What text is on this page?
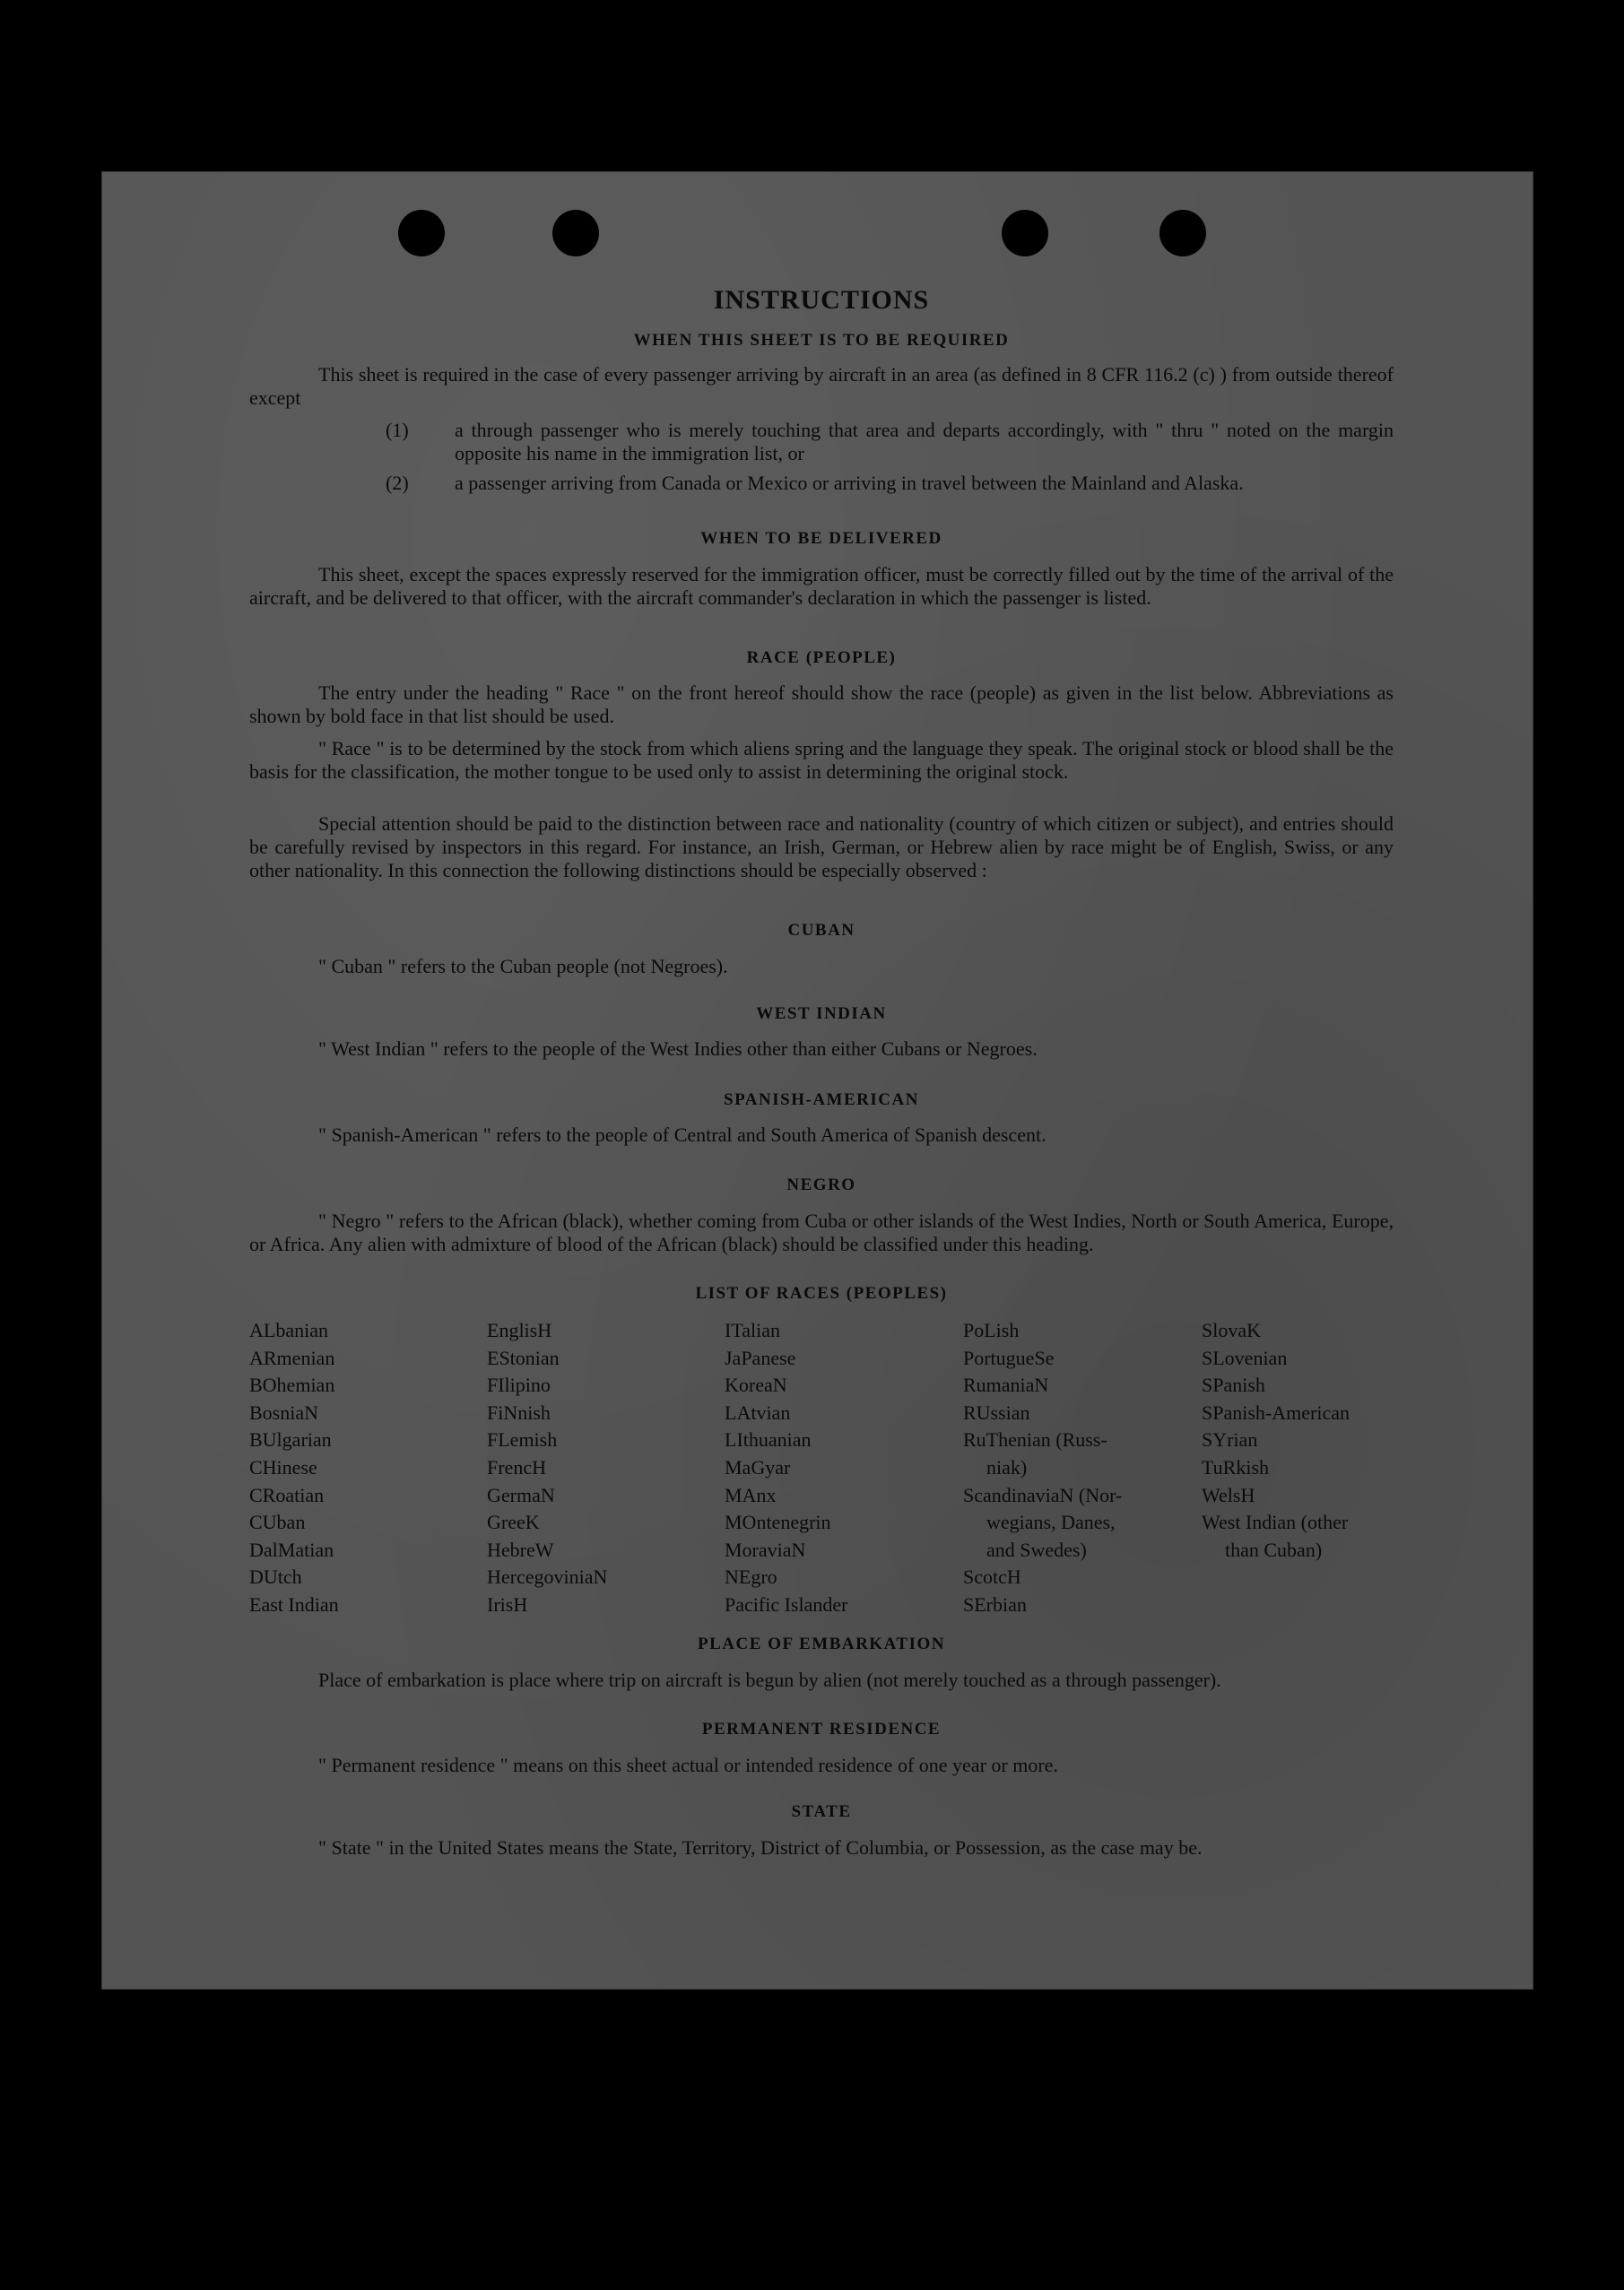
INSTRUCTIONS
WHEN THIS SHEET IS TO BE REQUIRED
This sheet is required in the case of every passenger arriving by aircraft in an area (as defined in 8 CFR 116.2 (c) ) from outside thereof except
(1) a through passenger who is merely touching that area and departs accordingly, with " thru " noted on the margin opposite his name in the immigration list, or
(2) a passenger arriving from Canada or Mexico or arriving in travel between the Mainland and Alaska.
WHEN TO BE DELIVERED
This sheet, except the spaces expressly reserved for the immigration officer, must be correctly filled out by the time of the arrival of the aircraft, and be delivered to that officer, with the aircraft commander's declaration in which the passenger is listed.
RACE (PEOPLE)
The entry under the heading " Race " on the front hereof should show the race (people) as given in the list below. Abbreviations as shown by bold face in that list should be used.
" Race " is to be determined by the stock from which aliens spring and the language they speak. The original stock or blood shall be the basis for the classification, the mother tongue to be used only to assist in determining the original stock.
Special attention should be paid to the distinction between race and nationality (country of which citizen or subject), and entries should be carefully revised by inspectors in this regard. For instance, an Irish, German, or Hebrew alien by race might be of English, Swiss, or any other nationality. In this connection the following distinctions should be especially observed :
CUBAN
" Cuban " refers to the Cuban people (not Negroes).
WEST INDIAN
" West Indian " refers to the people of the West Indies other than either Cubans or Negroes.
SPANISH-AMERICAN
" Spanish-American " refers to the people of Central and South America of Spanish descent.
NEGRO
" Negro " refers to the African (black), whether coming from Cuba or other islands of the West Indies, North or South America, Europe, or Africa. Any alien with admixture of blood of the African (black) should be classified under this heading.
LIST OF RACES (PEOPLES)
ALbanian
ARmenian
BOhemian
BosniaN
BUlgarian
CHinese
CRoatian
CUban
DalMatian
DUtch
East Indian
EnglisH
EStonian
FIlipino
FiNnish
FLemish
FrencH
GermaN
GreeK
HebreW
HercegoviniaN
IrisH
ITalian
JaPanese
KoreaN
LAtvian
LIthuanian
MaGyar
MAnx
MOntenegrin
MoraviaN
NEgro
Pacific Islander
PoLish
PortugueSe
RumaniaN
RUssian
RuThenian (Russ-
niak)
ScandinaviaN (Nor-
wegians, Danes,
and Swedes)
ScotcH
SErbian
SlovaK
SLovenian
SPanish
SPanish-American
SYrian
TuRkish
WelsH
West Indian (other
than Cuban)
PLACE OF EMBARKATION
Place of embarkation is place where trip on aircraft is begun by alien (not merely touched as a through passenger).
PERMANENT RESIDENCE
" Permanent residence " means on this sheet actual or intended residence of one year or more.
STATE
" State " in the United States means the State, Territory, District of Columbia, or Possession, as the case may be.
